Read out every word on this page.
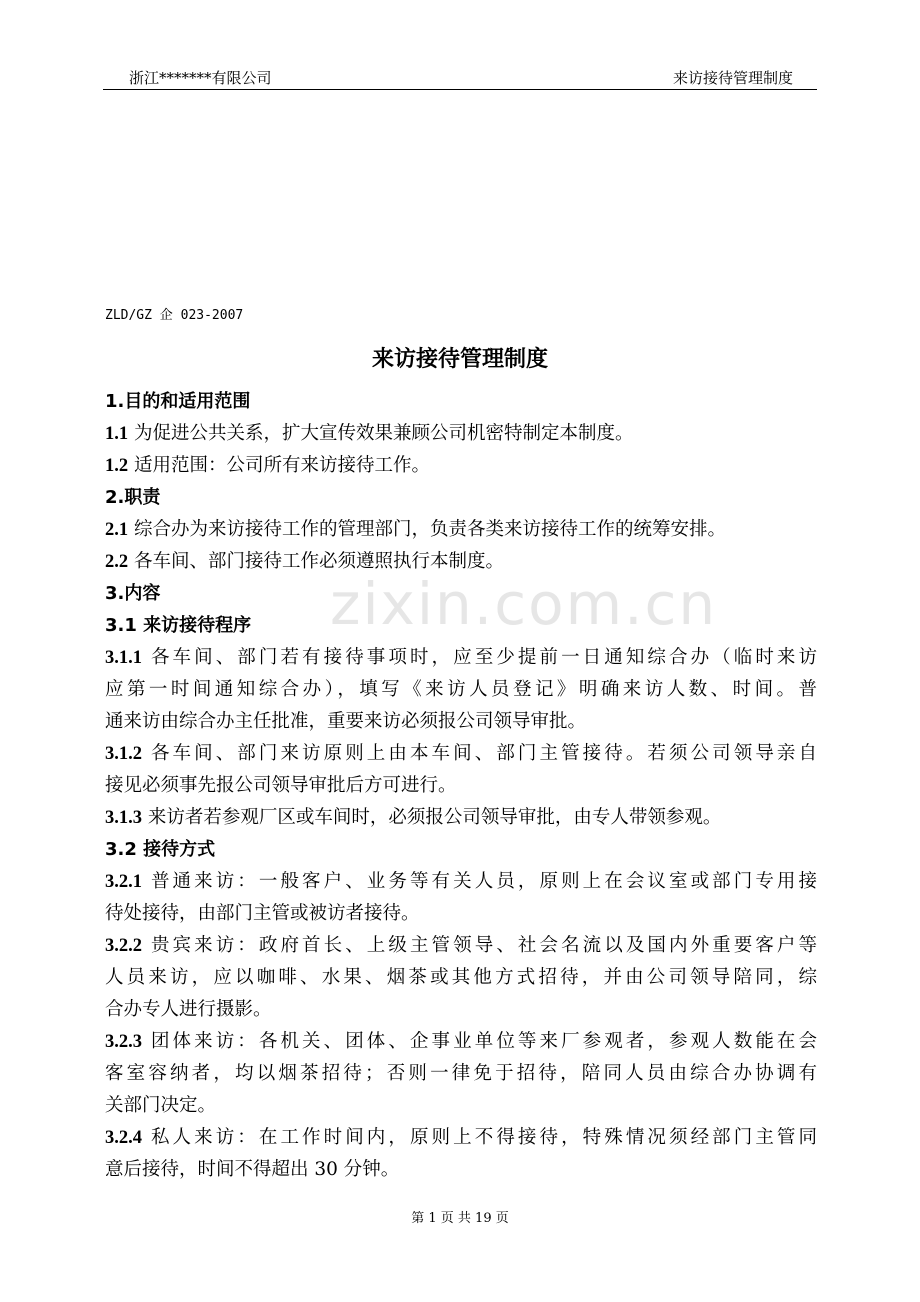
浙江*******有限公司	来访接待管理制度
zixin.com.cn
ZLD/GZ 企 023-2007
来访接待管理制度
1.目的和适用范围
1.1 为促进公共关系，扩大宣传效果兼顾公司机密特制定本制度。
1.2 适用范围：公司所有来访接待工作。
2.职责
2.1 综合办为来访接待工作的管理部门，负责各类来访接待工作的统筹安排。
2.2 各车间、部门接待工作必须遵照执行本制度。
3.内容
3.1 来访接待程序
3.1.1 各车间、部门若有接待事项时，应至少提前一日通知综合办（临时来访
应第一时间通知综合办），填写《来访人员登记》明确来访人数、时间。普
通来访由综合办主任批准，重要来访必须报公司领导审批。
3.1.2 各车间、部门来访原则上由本车间、部门主管接待。若须公司领导亲自
接见必须事先报公司领导审批后方可进行。
3.1.3 来访者若参观厂区或车间时，必须报公司领导审批，由专人带领参观。
3.2 接待方式
3.2.1 普通来访：一般客户、业务等有关人员，原则上在会议室或部门专用接
待处接待，由部门主管或被访者接待。
3.2.2 贵宾来访：政府首长、上级主管领导、社会名流以及国内外重要客户等
人员来访，应以咖啡、水果、烟茶或其他方式招待，并由公司领导陪同，综
合办专人进行摄影。
3.2.3 团体来访：各机关、团体、企事业单位等来厂参观者，参观人数能在会
客室容纳者，均以烟茶招待；否则一律免于招待，陪同人员由综合办协调有
关部门决定。
3.2.4 私人来访：在工作时间内，原则上不得接待，特殊情况须经部门主管同
意后接待，时间不得超出 30 分钟。
第 1 页 共 19 页
